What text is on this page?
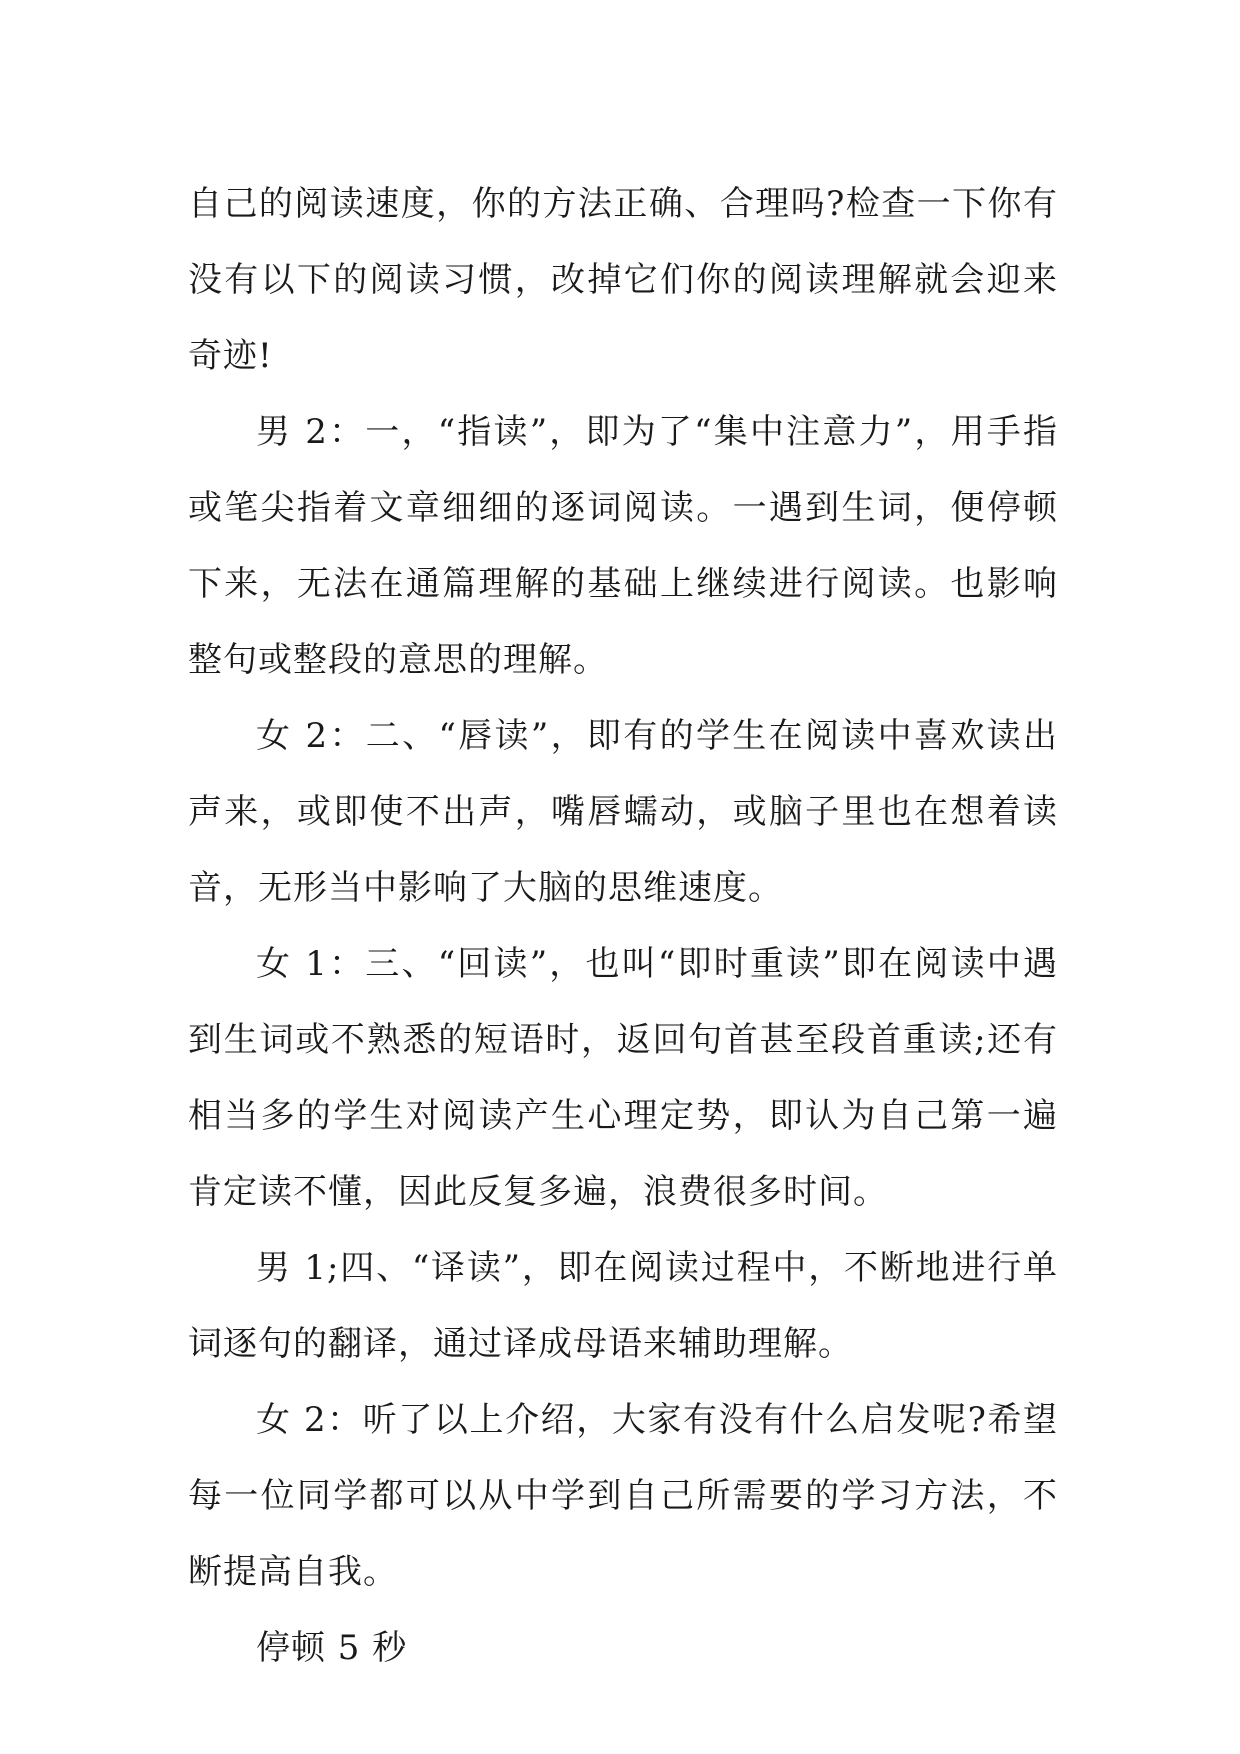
自己的阅读速度，你的方法正确、合理吗?检查一下你有没有以下的阅读习惯，改掉它们你的阅读理解就会迎来奇迹!

男 2：一，“指读”，即为了“集中注意力”，用手指或笔尖指着文章细细的逐词阅读。一遇到生词，便停顿下来，无法在通篇理解的基础上继续进行阅读。也影响整句或整段的意思的理解。

女 2：二、“唇读”，即有的学生在阅读中喜欢读出声来，或即使不出声，嘴唇蠕动，或脑子里也在想着读音，无形当中影响了大脑的思维速度。

女 1：三、“回读”，也叫“即时重读”即在阅读中遇到生词或不熟悉的短语时，返回句首甚至段首重读;还有相当多的学生对阅读产生心理定势，即认为自己第一遍肯定读不懂，因此反复多遍，浪费很多时间。

男 1;四、“译读”，即在阅读过程中，不断地进行单词逐句的翻译，通过译成母语来辅助理解。

女 2：听了以上介绍，大家有没有什么启发呢?希望每一位同学都可以从中学到自己所需要的学习方法，不断提高自我。

停顿 5 秒
